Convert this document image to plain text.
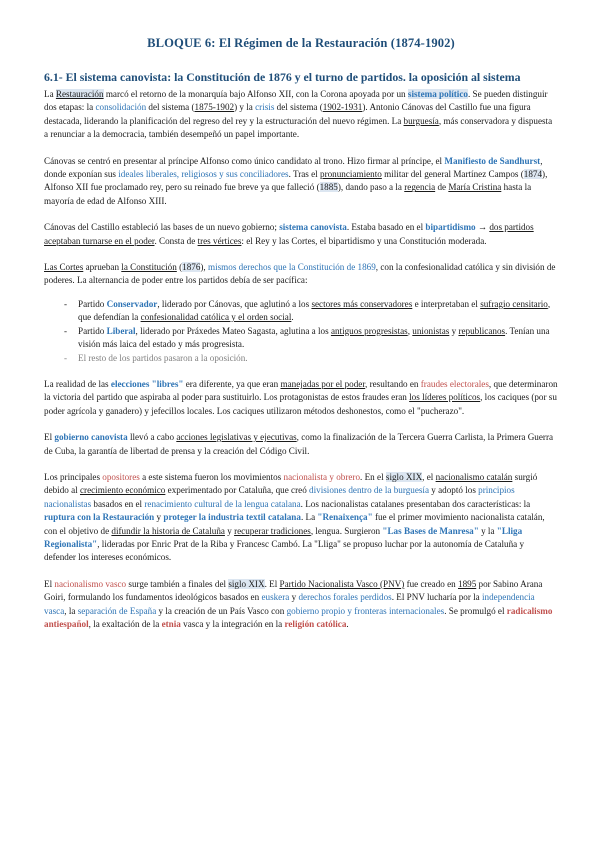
BLOQUE 6: El Régimen de la Restauración (1874-1902)
6.1- El sistema canovista: la Constitución de 1876 y el turno de partidos. la oposición al sistema

La Restauración marcó el retorno de la monarquía bajo Alfonso XII, con la Corona apoyada por un sistema político. Se pueden distinguir dos etapas: la consolidación del sistema (1875-1902) y la crisis del sistema (1902-1931). Antonio Cánovas del Castillo fue una figura destacada, liderando la planificación del regreso del rey y la estructuración del nuevo régimen. La burguesía, más conservadora y dispuesta a renunciar a la democracia, también desempeñó un papel importante.

Cánovas se centró en presentar al príncipe Alfonso como único candidato al trono. Hizo firmar al príncipe, el Manifiesto de Sandhurst, donde exponían sus ideales liberales, religiosos y sus conciliadores. Tras el pronunciamiento militar del general Martínez Campos (1874), Alfonso XII fue proclamado rey, pero su reinado fue breve ya que falleció (1885), dando paso a la regencia de María Cristina hasta la mayoría de edad de Alfonso XIII.

Cánovas del Castillo estableció las bases de un nuevo gobierno; sistema canovista. Estaba basado en el bipartidismo → dos partidos aceptaban turnarse en el poder. Consta de tres vértices: el Rey y las Cortes, el bipartidismo y una Constitución moderada.

Las Cortes aprueban la Constitución (1876), mismos derechos que la Constitución de 1869, con la confesionalidad católica y sin división de poderes. La alternancia de poder entre los partidos debía de ser pacífica:

- Partido Conservador, liderado por Cánovas, que aglutinó a los sectores más conservadores e interpretaban el sufragio censitario, que defendían la confesionalidad católica y el orden social.
- Partido Liberal, liderado por Práxedes Mateo Sagasta, aglutina a los antiguos progresistas, unionistas y republicanos. Tenían una visión más laica del estado y más progresista.
- El resto de los partidos pasaron a la oposición.

La realidad de las elecciones "libres" era diferente, ya que eran manejadas por el poder, resultando en fraudes electorales, que determinaron la victoria del partido que aspiraba al poder para sustituirlo. Los protagonistas de estos fraudes eran los líderes políticos, los caciques (por su poder agrícola y ganadero) y jefecillos locales. Los caciques utilizaron métodos deshonestos, como el "pucherazo".

El gobierno canovista llevó a cabo acciones legislativas y ejecutivas, como la finalización de la Tercera Guerra Carlista, la Primera Guerra de Cuba, la garantía de libertad de prensa y la creación del Código Civil.

Los principales opositores a este sistema fueron los movimientos nacionalista y obrero. En el siglo XIX, el nacionalismo catalán surgió debido al crecimiento económico experimentado por Cataluña, que creó divisiones dentro de la burguesía y adoptó los principios nacionalistas basados en el renacimiento cultural de la lengua catalana. Los nacionalistas catalanes presentaban dos características: la ruptura con la Restauración y proteger la industria textil catalana. La "Renaixença" fue el primer movimiento nacionalista catalán, con el objetivo de difundir la historia de Cataluña y recuperar tradiciones, lengua. Surgieron "Las Bases de Manresa" y la "Lliga Regionalista", lideradas por Enric Prat de la Riba y Francesc Cambó. La "Lliga" se propuso luchar por la autonomía de Cataluña y defender los intereses económicos.

El nacionalismo vasco surge también a finales del siglo XIX. El Partido Nacionalista Vasco (PNV) fue creado en 1895 por Sabino Arana Goiri, formulando los fundamentos ideológicos basados en euskera y derechos forales perdidos. El PNV lucharía por la independencia vasca, la separación de España y la creación de un País Vasco con gobierno propio y fronteras internacionales. Se promulgó el radicalismo antiespañol, la exaltación de la etnia vasca y la integración en la religión católica.
